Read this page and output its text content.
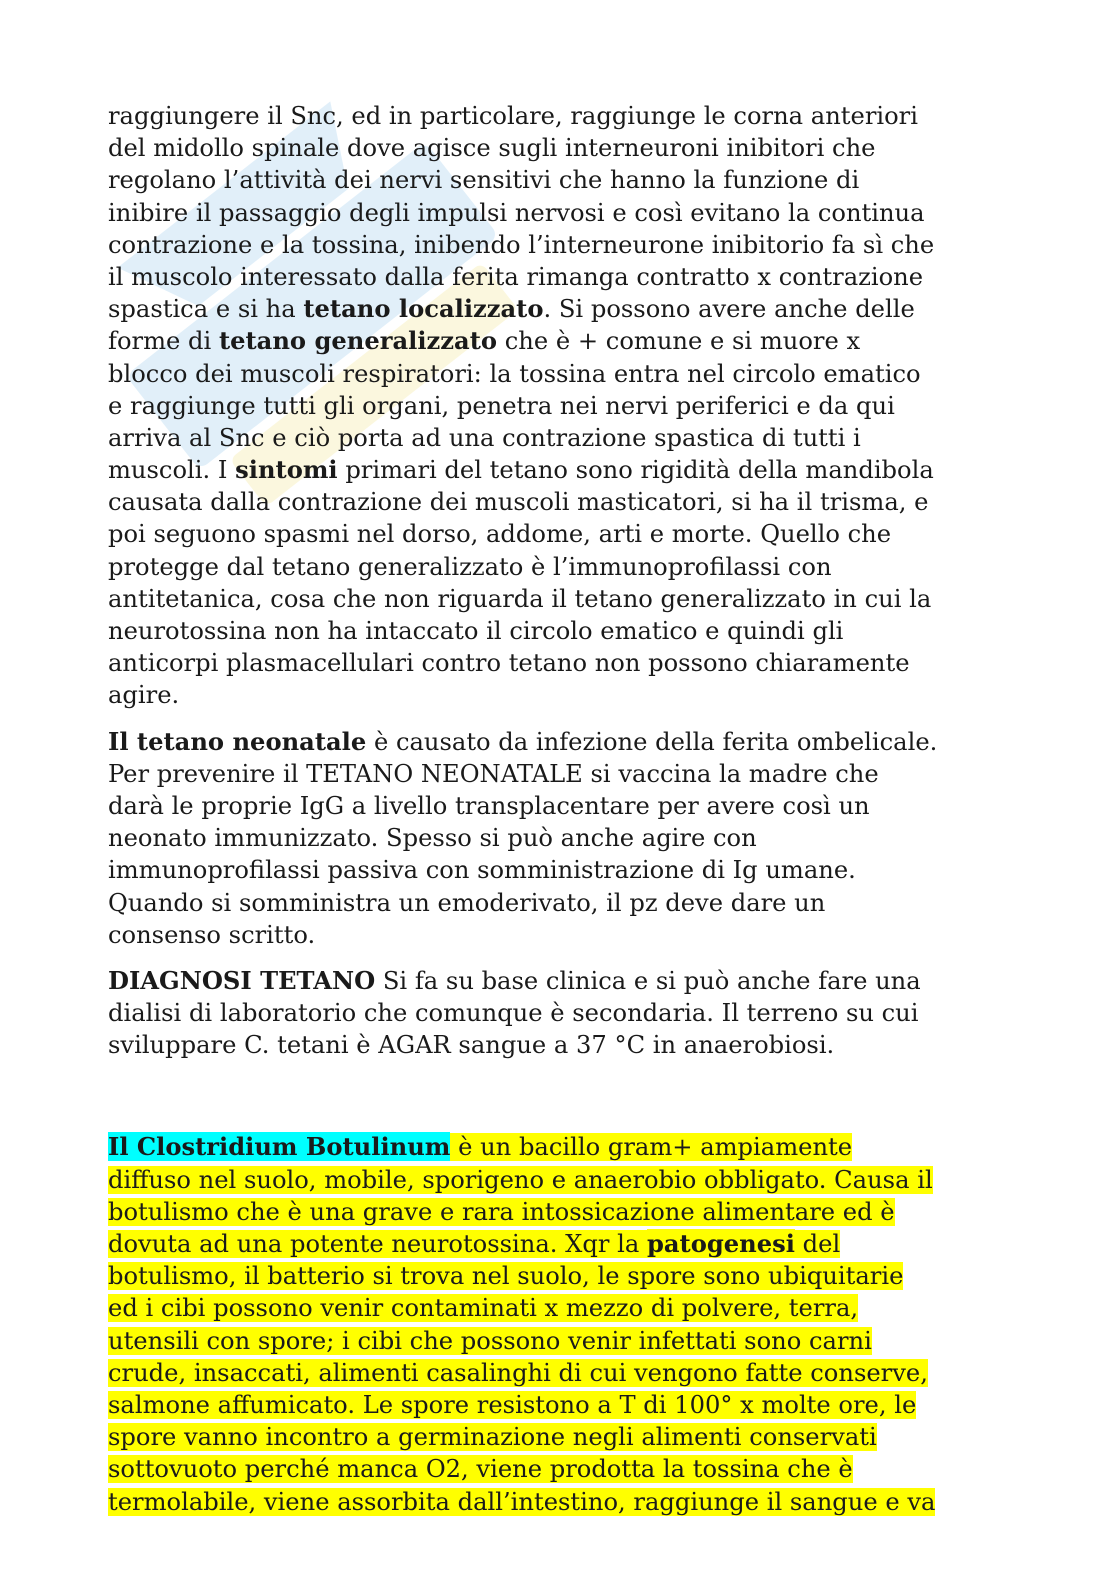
raggiungere il Snc, ed in particolare, raggiunge le corna anteriori
del midollo spinale dove agisce sugli interneuroni inibitori che
regolano l’attività dei nervi sensitivi che hanno la funzione di
inibire il passaggio degli impulsi nervosi e così evitano la continua
contrazione e la tossina, inibendo l’interneurone inibitorio fa sì che
il muscolo interessato dalla ferita rimanga contratto x contrazione
spastica e si ha tetano localizzato. Si possono avere anche delle
forme di tetano generalizzato che è + comune e si muore x
blocco dei muscoli respiratori: la tossina entra nel circolo ematico
e raggiunge tutti gli organi, penetra nei nervi periferici e da qui
arriva al Snc e ciò porta ad una contrazione spastica di tutti i
muscoli. I sintomi primari del tetano sono rigidità della mandibola
causata dalla contrazione dei muscoli masticatori, si ha il trisma, e
poi seguono spasmi nel dorso, addome, arti e morte. Quello che
protegge dal tetano generalizzato è l’immunoprofilassi con
antitetanica, cosa che non riguarda il tetano generalizzato in cui la
neurotossina non ha intaccato il circolo ematico e quindi gli
anticorpi plasmacellulari contro tetano non possono chiaramente
agire.

Il tetano neonatale è causato da infezione della ferita ombelicale.
Per prevenire il TETANO NEONATALE si vaccina la madre che
darà le proprie IgG a livello transplacentare per avere così un
neonato immunizzato. Spesso si può anche agire con
immunoprofilassi passiva con somministrazione di Ig umane.
Quando si somministra un emoderivato, il pz deve dare un
consenso scritto.

DIAGNOSI TETANO Si fa su base clinica e si può anche fare una
dialisi di laboratorio che comunque è secondaria. Il terreno su cui
sviluppare C. tetani è AGAR sangue a 37 °C in anaerobiosi.

Il Clostridium Botulinum è un bacillo gram+ ampiamente
diffuso nel suolo, mobile, sporigeno e anaerobio obbligato. Causa il
botulismo che è una grave e rara intossicazione alimentare ed è
dovuta ad una potente neurotossina. Xqr la patogenesi del
botulismo, il batterio si trova nel suolo, le spore sono ubiquitarie
ed i cibi possono venir contaminati x mezzo di polvere, terra,
utensili con spore; i cibi che possono venir infettati sono carni
crude, insaccati, alimenti casalinghi di cui vengono fatte conserve,
salmone affumicato. Le spore resistono a T di 100° x molte ore, le
spore vanno incontro a germinazione negli alimenti conservati
sottovuoto perché manca O2, viene prodotta la tossina che è
termolabile, viene assorbita dall’intestino, raggiunge il sangue e va
